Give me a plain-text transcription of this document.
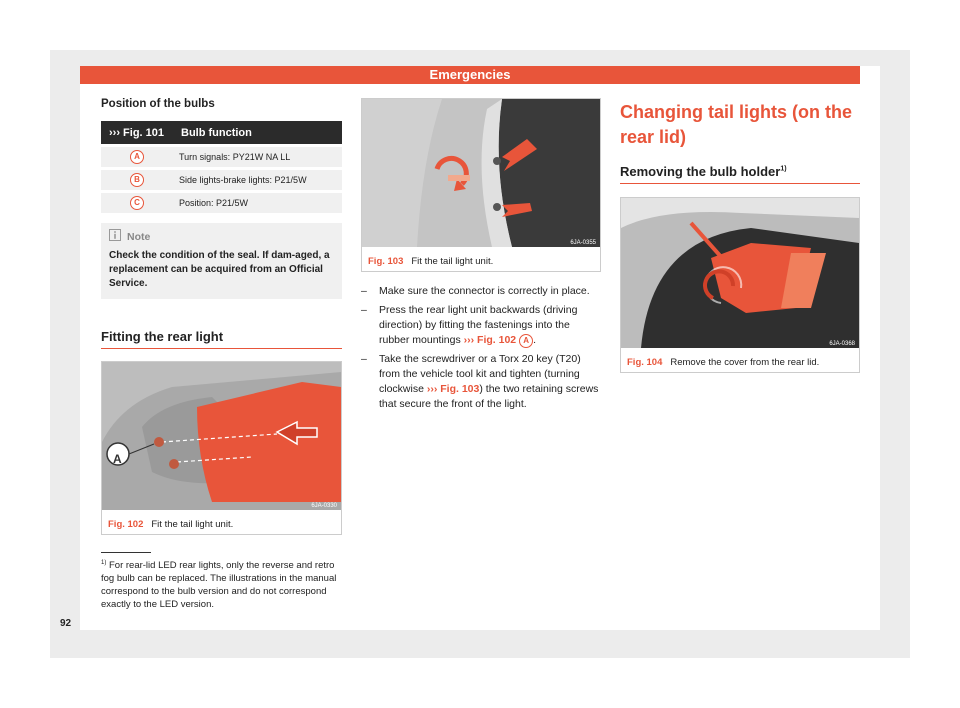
Emergencies
Position of the bulbs
››› Fig. 101	Bulb function
A	Turn signals: PY21W NA LL
B	Side lights-brake lights: P21/5W
C	Position: P21/5W
Note
Check the condition of the seal. If dam-aged, a replacement can be acquired from an Official Service.
Fitting the rear light
A
6JA-0330
Fig. 102 Fit the tail light unit.
6JA-0355
Fig. 103 Fit the tail light unit.
–	Make sure the connector is correctly in place.
–	Press the rear light unit backwards (driving direction) by fitting the fastenings into the rubber mountings ››› Fig. 102 A .
–	Take the screwdriver or a Torx 20 key (T20) from the vehicle tool kit and tighten (turning clockwise ››› Fig. 103) the two retaining screws that secure the front of the light.
$^{1)}$ For rear-lid LED rear lights, only the reverse and retro fog bulb can be replaced. The illustrations in the manual correspond to the bulb version and do not correspond exactly to the LED version.
92
Changing tail lights (on the rear lid)
Removing the bulb holder$^{1)}$
6JA-0368
Fig. 104 Remove the cover from the rear lid.
